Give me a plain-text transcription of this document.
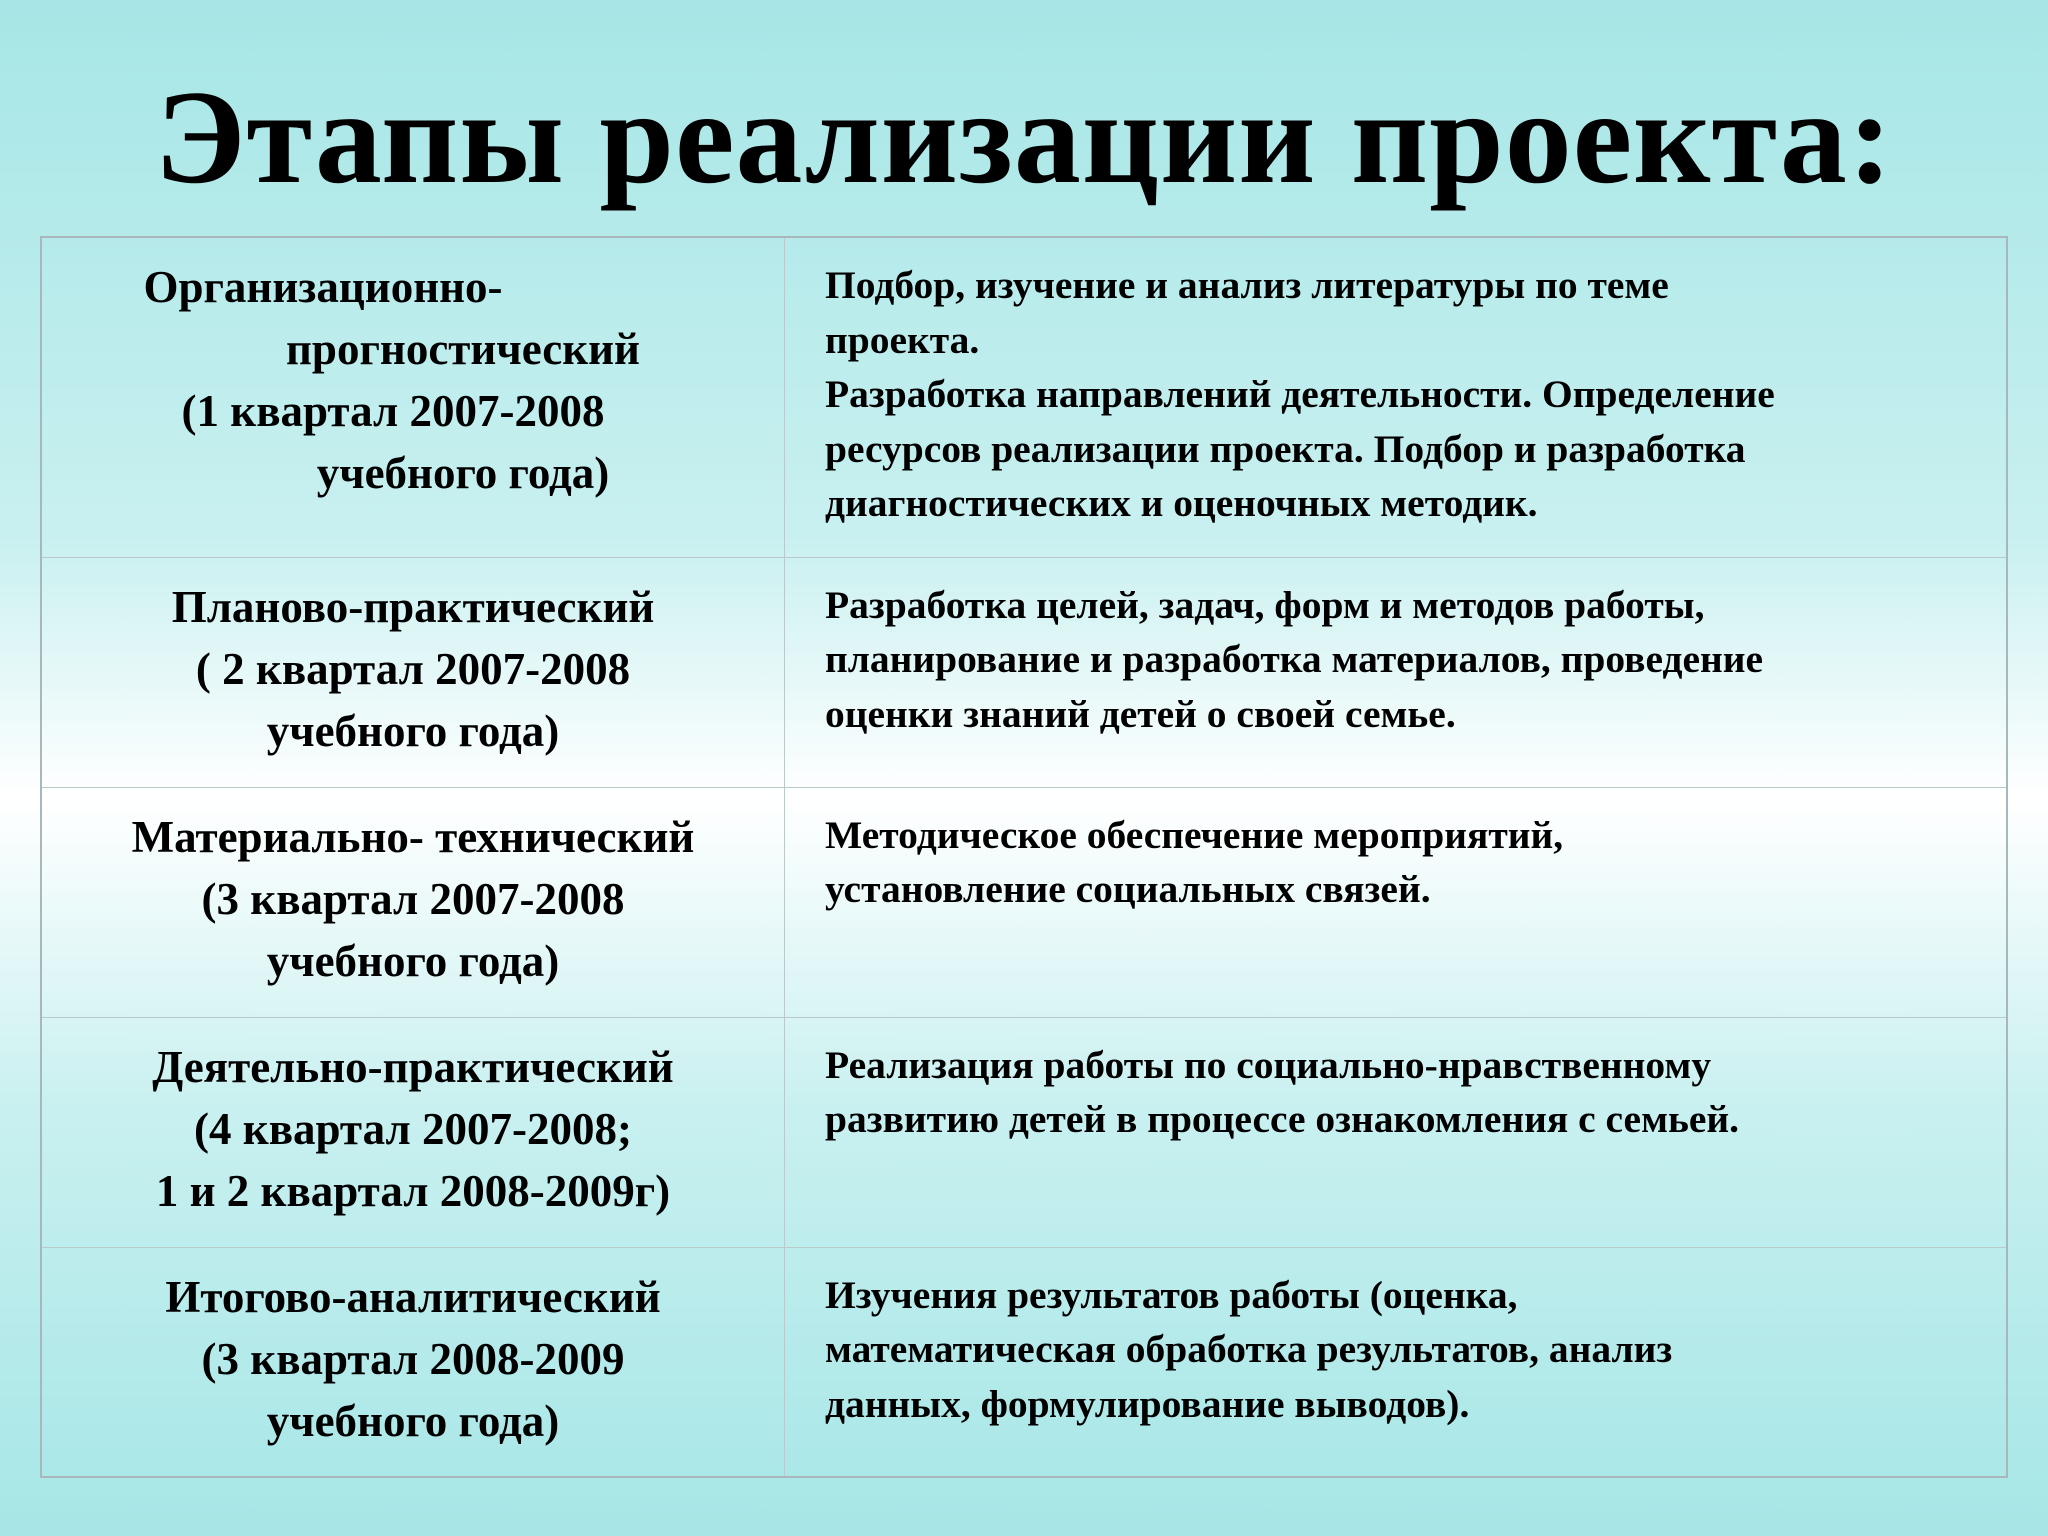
Этапы реализации проекта:
Организационно-
прогностический
(1 квартал 2007-2008
учебного года)	Подбор, изучение и анализ литературы по теме
проекта.
Разработка направлений деятельности. Определение
ресурсов реализации проекта. Подбор и разработка
диагностических и оценочных методик.

Планово-практический
( 2 квартал 2007-2008
учебного года)	Разработка целей, задач, форм и методов работы,
планирование и разработка материалов, проведение
оценки знаний детей о своей семье.

Материально- технический
(3 квартал 2007-2008
учебного года)	Методическое обеспечение мероприятий,
установление социальных связей.

Деятельно-практический
(4 квартал 2007-2008;
1 и 2 квартал 2008-2009г)	Реализация работы по социально-нравственному
развитию детей в процессе ознакомления с семьей.

Итогово-аналитический
(3 квартал 2008-2009
учебного года)	Изучения результатов работы (оценка,
математическая обработка результатов, анализ
данных, формулирование выводов).
